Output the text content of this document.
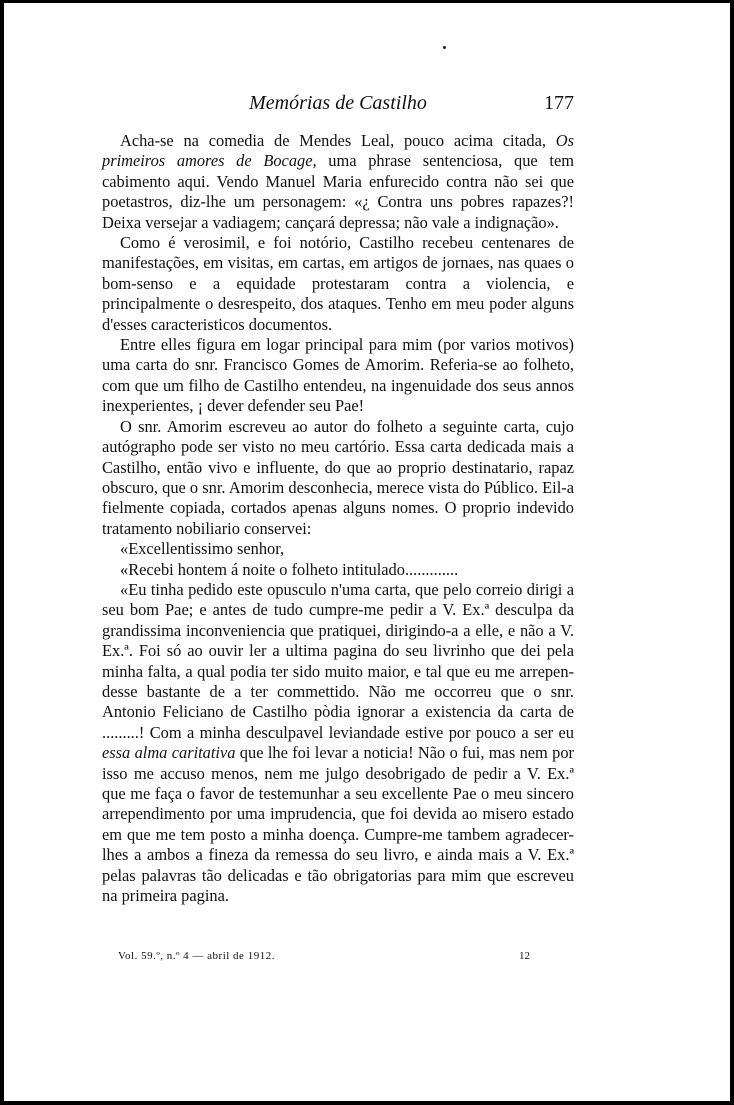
Memórias de Castilho	177

Acha-se na comedia de Mendes Leal, pouco acima citada, Os primeiros amores de Bocage, uma phrase sentenciosa, que tem cabimento aqui. Vendo Manuel Maria enfurecido contra não sei que poetastros, diz-lhe um personagem: «¿ Contra uns pobres rapazes?! Deixa versejar a vadiagem; cançará depressa; não vale a indignação».

Como é verosimil, e foi notório, Castilho recebeu centenares de manifestações, em visitas, em cartas, em artigos de jornaes, nas quaes o bom-senso e a equidade protestaram contra a violencia, e principalmente o desrespeito, dos ataques. Tenho em meu poder alguns d'esses caracteristicos documentos.

Entre elles figura em logar principal para mim (por varios motivos) uma carta do snr. Francisco Gomes de Amorim. Referia-se ao folheto, com que um filho de Castilho entendeu, na ingenuidade dos seus annos inexperientes, ¡ dever defender seu Pae!

O snr. Amorim escreveu ao autor do folheto a seguinte carta, cujo autógrapho pode ser visto no meu cartório. Essa carta dedicada mais a Castilho, então vivo e influente, do que ao proprio destinatario, rapaz obscuro, que o snr. Amorim desconhecia, merece vista do Público. Eil-a fielmente copiada, cortados apenas alguns nomes. O proprio indevido tratamento nobiliario conservei:

«Excellentissimo senhor,

«Recebi hontem á noite o folheto intitulado.............

«Eu tinha pedido este opusculo n'uma carta, que pelo correio dirigi a seu bom Pae; e antes de tudo cumpre-me pedir a V. Ex.ª desculpa da grandissima inconveniencia que pratiquei, dirigindo-a a elle, e não a V. Ex.ª. Foi só ao ouvir ler a ultima pagina do seu livrinho que dei pela minha falta, a qual podia ter sido muito maior, e tal que eu me arrependesse bastante de a ter commettido. Não me occorreu que o snr. Antonio Feliciano de Castilho pòdia ignorar a existencia da carta de .........! Com a minha desculpavel leviandade estive por pouco a ser eu essa alma caritativa que lhe foi levar a noticia! Não o fui, mas nem por isso me accuso menos, nem me julgo desobrigado de pedir a V. Ex.ª que me faça o favor de testemunhar a seu excellente Pae o meu sincero arrependimento por uma imprudencia, que foi devida ao misero estado em que me tem posto a minha doença. Cumpre-me tambem agradecer-lhes a ambos a fineza da remessa do seu livro, e ainda mais a V. Ex.ª pelas palavras tão delicadas e tão obrigatorias para mim que escreveu na primeira pagina.

Vol. 59.º, n.º 4 — abril de 1912.	12
